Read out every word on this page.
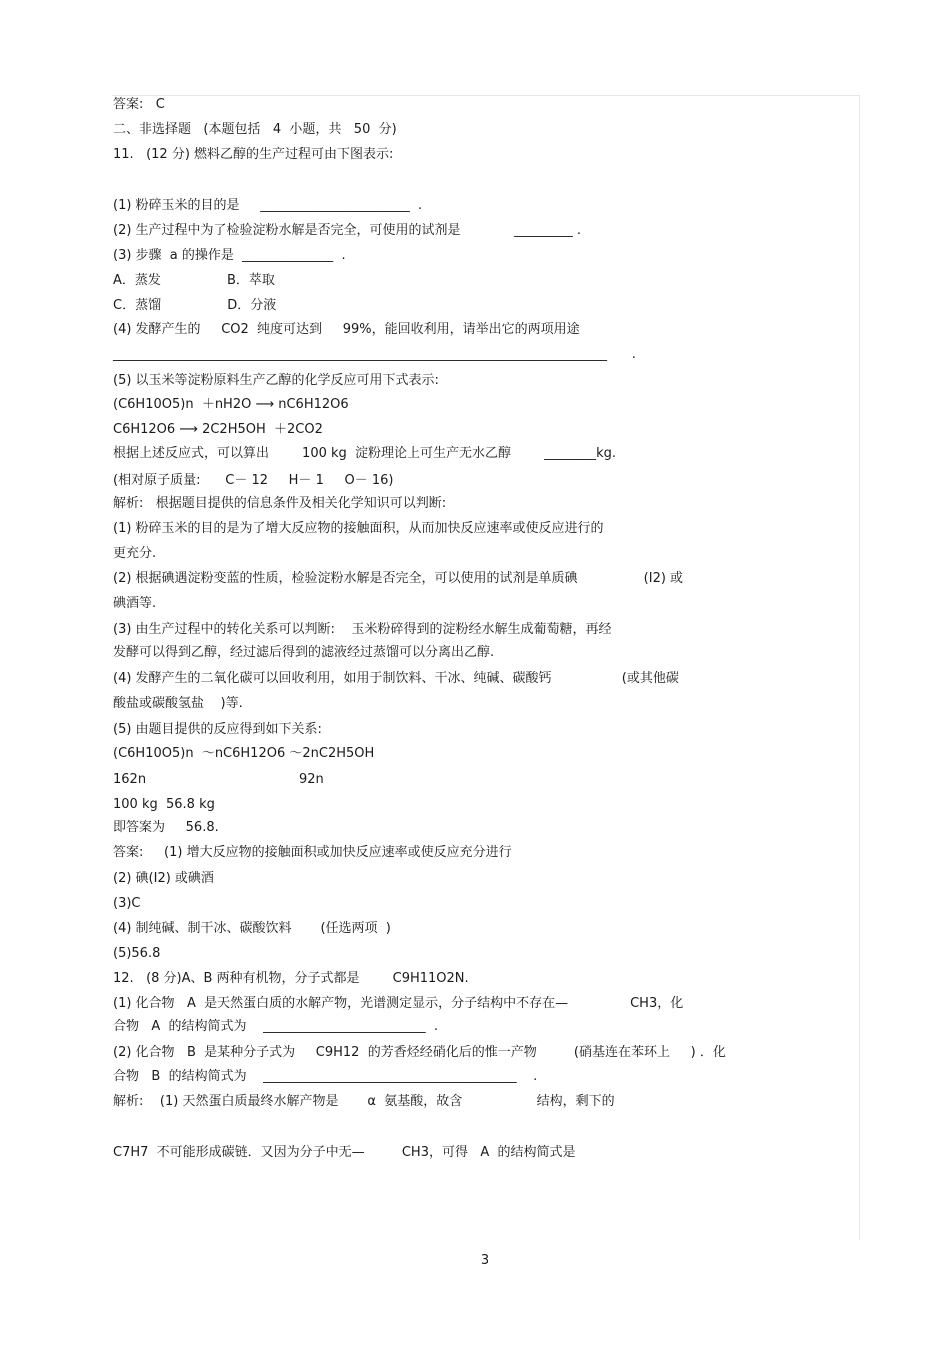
答案:   C
二、非选择题   (本题包括   4  小题，共   50  分)
11.   (12 分) 燃料乙醇的生产过程可由下图表示:
(1) 粉碎玉米的目的是     _______________________  .
(2) 生产过程中为了检验淀粉水解是否完全，可使用的试剂是             _________ .
(3) 步骤  a 的操作是  ______________  .
A．蒸发                B．萃取
C．蒸馏                D．分液
(4) 发酵产生的     CO2  纯度可达到     99%，能回收利用，请举出它的两项用途
____________________________________________________________________________      .
(5) 以玉米等淀粉原料生产乙醇的化学反应可用下式表示:
(C6H10O5)n  ＋nH2O ⟶ nC6H12O6
C6H12O6 ⟶ 2C2H5OH  ＋2CO2
根据上述反应式，可以算出        100 kg  淀粉理论上可生产无水乙醇        ________kg.
(相对原子质量:      C－ 12     H－ 1     O－ 16)
解析:   根据题目提供的信息条件及相关化学知识可以判断:
(1) 粉碎玉米的目的是为了增大反应物的接触面积，从而加快反应速率或使反应进行的
更充分.
(2) 根据碘遇淀粉变蓝的性质，检验淀粉水解是否完全，可以使用的试剂是单质碘                (I2) 或
碘酒等.
(3) 由生产过程中的转化关系可以判断:    玉米粉碎得到的淀粉经水解生成葡萄糖，再经
发酵可以得到乙醇，经过滤后得到的滤液经过蒸馏可以分离出乙醇.
(4) 发酵产生的二氧化碳可以回收利用，如用于制饮料、干冰、纯碱、碳酸钙                 (或其他碳
酸盐或碳酸氢盐    )等.
(5) 由题目提供的反应得到如下关系:
(C6H10O5)n  ～nC6H12O6 ～2nC2H5OH
162n                                     92n
100 kg  56.8 kg
即答案为     56.8.
答案:     (1) 增大反应物的接触面积或加快反应速率或使反应充分进行
(2) 碘(I2) 或碘酒
(3)C
(4) 制纯碱、制干冰、碳酸饮料       (任选两项  )
(5)56.8
12.   (8 分)A、B 两种有机物，分子式都是        C9H11O2N.
(1) 化合物   A  是天然蛋白质的水解产物，光谱测定显示，分子结构中不存在—               CH3，化
合物   A  的结构简式为    _________________________  .
(2) 化合物   B  是某种分子式为     C9H12  的芳香烃经硝化后的惟一产物         (硝基连在苯环上     ) ．化
合物   B  的结构简式为    _______________________________________    .
解析:    (1) 天然蛋白质最终水解产物是       α  氨基酸，故含                  结构，剩下的
C7H7  不可能形成碳链．又因为分子中无—         CH3，可得   A  的结构简式是
3
